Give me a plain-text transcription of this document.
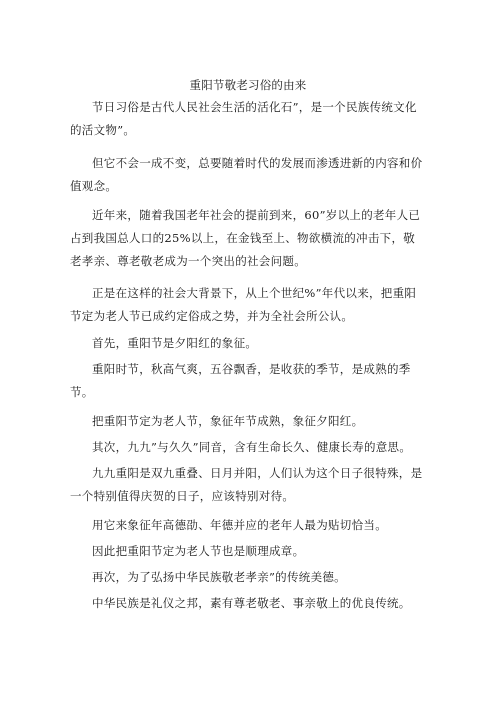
重阳节敬老习俗的由来

节日习俗是古代人民社会生活的活化石”，是一个民族传统文化的活文物”。

但它不会一成不变，总要随着时代的发展而渗透进新的内容和价值观念。

近年来，随着我国老年社会的提前到来，60”岁以上的老年人已占到我国总人口的25%以上，在金钱至上、物欲横流的冲击下，敬老孝亲、尊老敬老成为一个突出的社会问题。

正是在这样的社会大背景下，从上个世纪%”年代以来，把重阳节定为老人节已成约定俗成之势，并为全社会所公认。

首先，重阳节是夕阳红的象征。

重阳时节，秋高气爽，五谷飘香，是收获的季节，是成熟的季节。

把重阳节定为老人节，象征年节成熟，象征夕阳红。

其次，九九”与久久”同音，含有生命长久、健康长寿的意思。

九九重阳是双九重叠、日月并阳，人们认为这个日子很特殊，是一个特别值得庆贺的日子，应该特别对待。

用它来象征年高德劭、年德并应的老年人最为贴切恰当。

因此把重阳节定为老人节也是顺理成章。

再次，为了弘扬中华民族敬老孝亲”的传统美德。

中华民族是礼仪之邦，素有尊老敬老、事亲敬上的优良传统。
